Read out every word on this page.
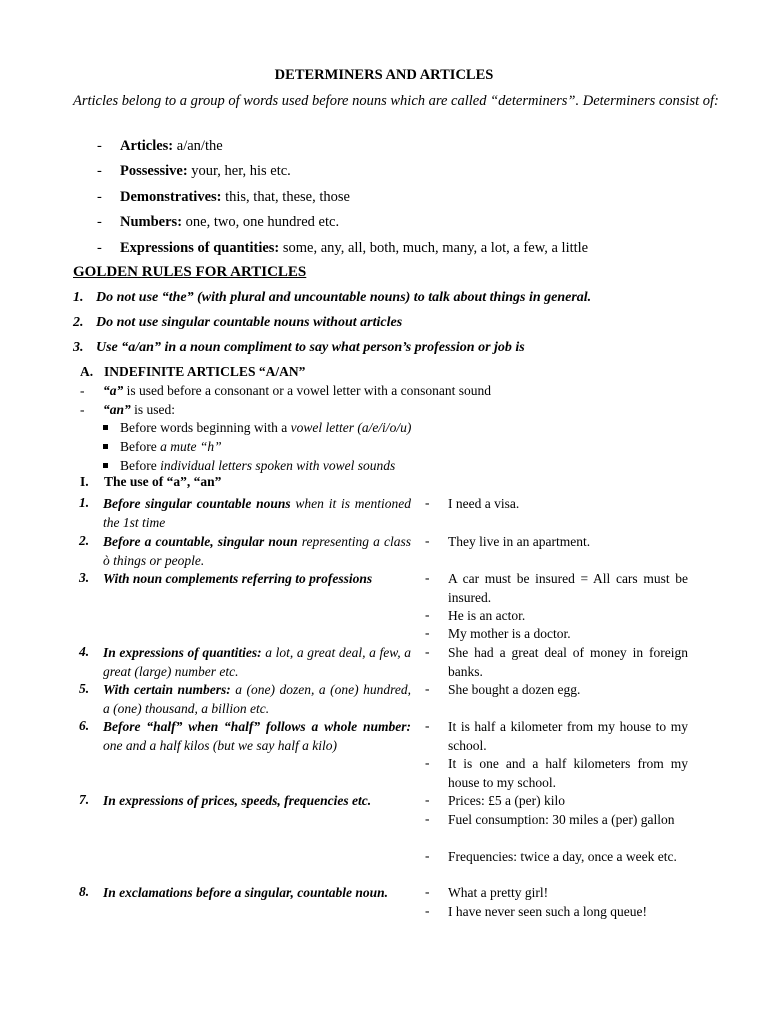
DETERMINERS AND ARTICLES
Articles belong to a group of words used before nouns which are called “determiners”. Determiners consist of:
- Articles: a/an/the
- Possessive: your, her, his etc.
- Demonstratives: this, that, these, those
- Numbers: one, two, one hundred etc.
- Expressions of quantities: some, any, all, both, much, many, a lot, a few, a little
GOLDEN RULES FOR ARTICLES
1. Do not use “the” (with plural and uncountable nouns) to talk about things in general.
2. Do not use singular countable nouns without articles
3. Use “a/an” in a noun compliment to say what person’s profession or job is
A. INDEFINITE ARTICLES “A/AN”
- “a” is used before a consonant or a vowel letter with a consonant sound
- “an” is used:
Before words beginning with a vowel letter (a/e/i/o/u)
Before a mute “h”
Before individual letters spoken with vowel sounds
I. The use of “a”, “an”
1. Before singular countable nouns when it is mentioned the 1st time
- I need a visa.
2. Before a countable, singular noun representing a class ò things or people.
- They live in an apartment.
3. With noun complements referring to professions	- A car must be insured = All cars must be insured.
- He is an actor.
- My mother is a doctor.
4. In expressions of quantities: a lot, a great deal, a few, a great (large) number etc.
- She had a great deal of money in foreign banks.
5. With certain numbers: a (one) dozen, a (one) hundred, a (one) thousand, a billion etc.
- She bought a dozen egg.
6. Before “half” when “half” follows a whole number: one and a half kilos (but we say half a kilo)
- It is half a kilometer from my house to my school.
- It is one and a half kilometers from my house to my school.
7. In expressions of prices, speeds, frequencies etc.	- Prices: £5 a (per) kilo
- Fuel consumption: 30 miles a (per) gallon
- Frequencies: twice a day, once a week etc.
8. In exclamations before a singular, countable noun.	- What a pretty girl!
- I have never seen such a long queue!
